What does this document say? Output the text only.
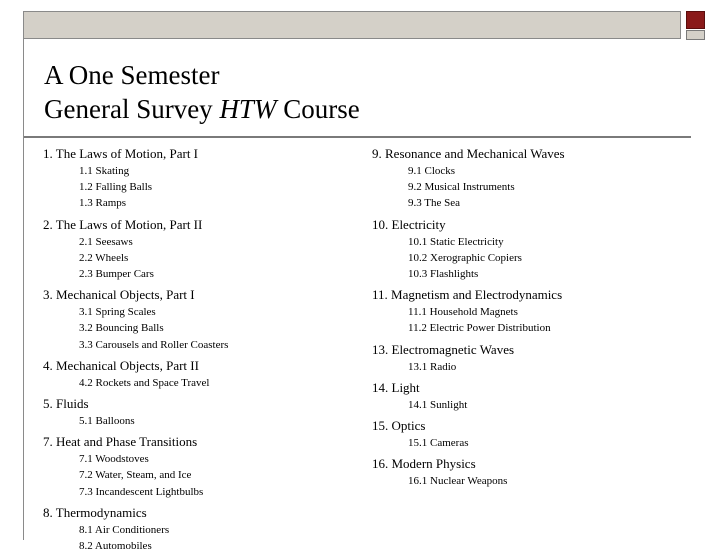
A One Semester
General Survey HTW Course
1. The Laws of Motion, Part I
1.1 Skating
1.2 Falling Balls
1.3 Ramps
2. The Laws of Motion, Part II
2.1 Seesaws
2.2 Wheels
2.3 Bumper Cars
3. Mechanical Objects, Part I
3.1 Spring Scales
3.2 Bouncing Balls
3.3 Carousels and Roller Coasters
4. Mechanical Objects, Part II
4.2 Rockets and Space Travel
5. Fluids
5.1 Balloons
7. Heat and Phase Transitions
7.1 Woodstoves
7.2 Water, Steam, and Ice
7.3 Incandescent Lightbulbs
8. Thermodynamics
8.1 Air Conditioners
8.2 Automobiles
9. Resonance and Mechanical Waves
9.1 Clocks
9.2 Musical Instruments
9.3 The Sea
10. Electricity
10.1 Static Electricity
10.2 Xerographic Copiers
10.3 Flashlights
11. Magnetism and Electrodynamics
11.1 Household Magnets
11.2 Electric Power Distribution
13. Electromagnetic Waves
13.1 Radio
14. Light
14.1 Sunlight
15. Optics
15.1 Cameras
16. Modern Physics
16.1 Nuclear Weapons
